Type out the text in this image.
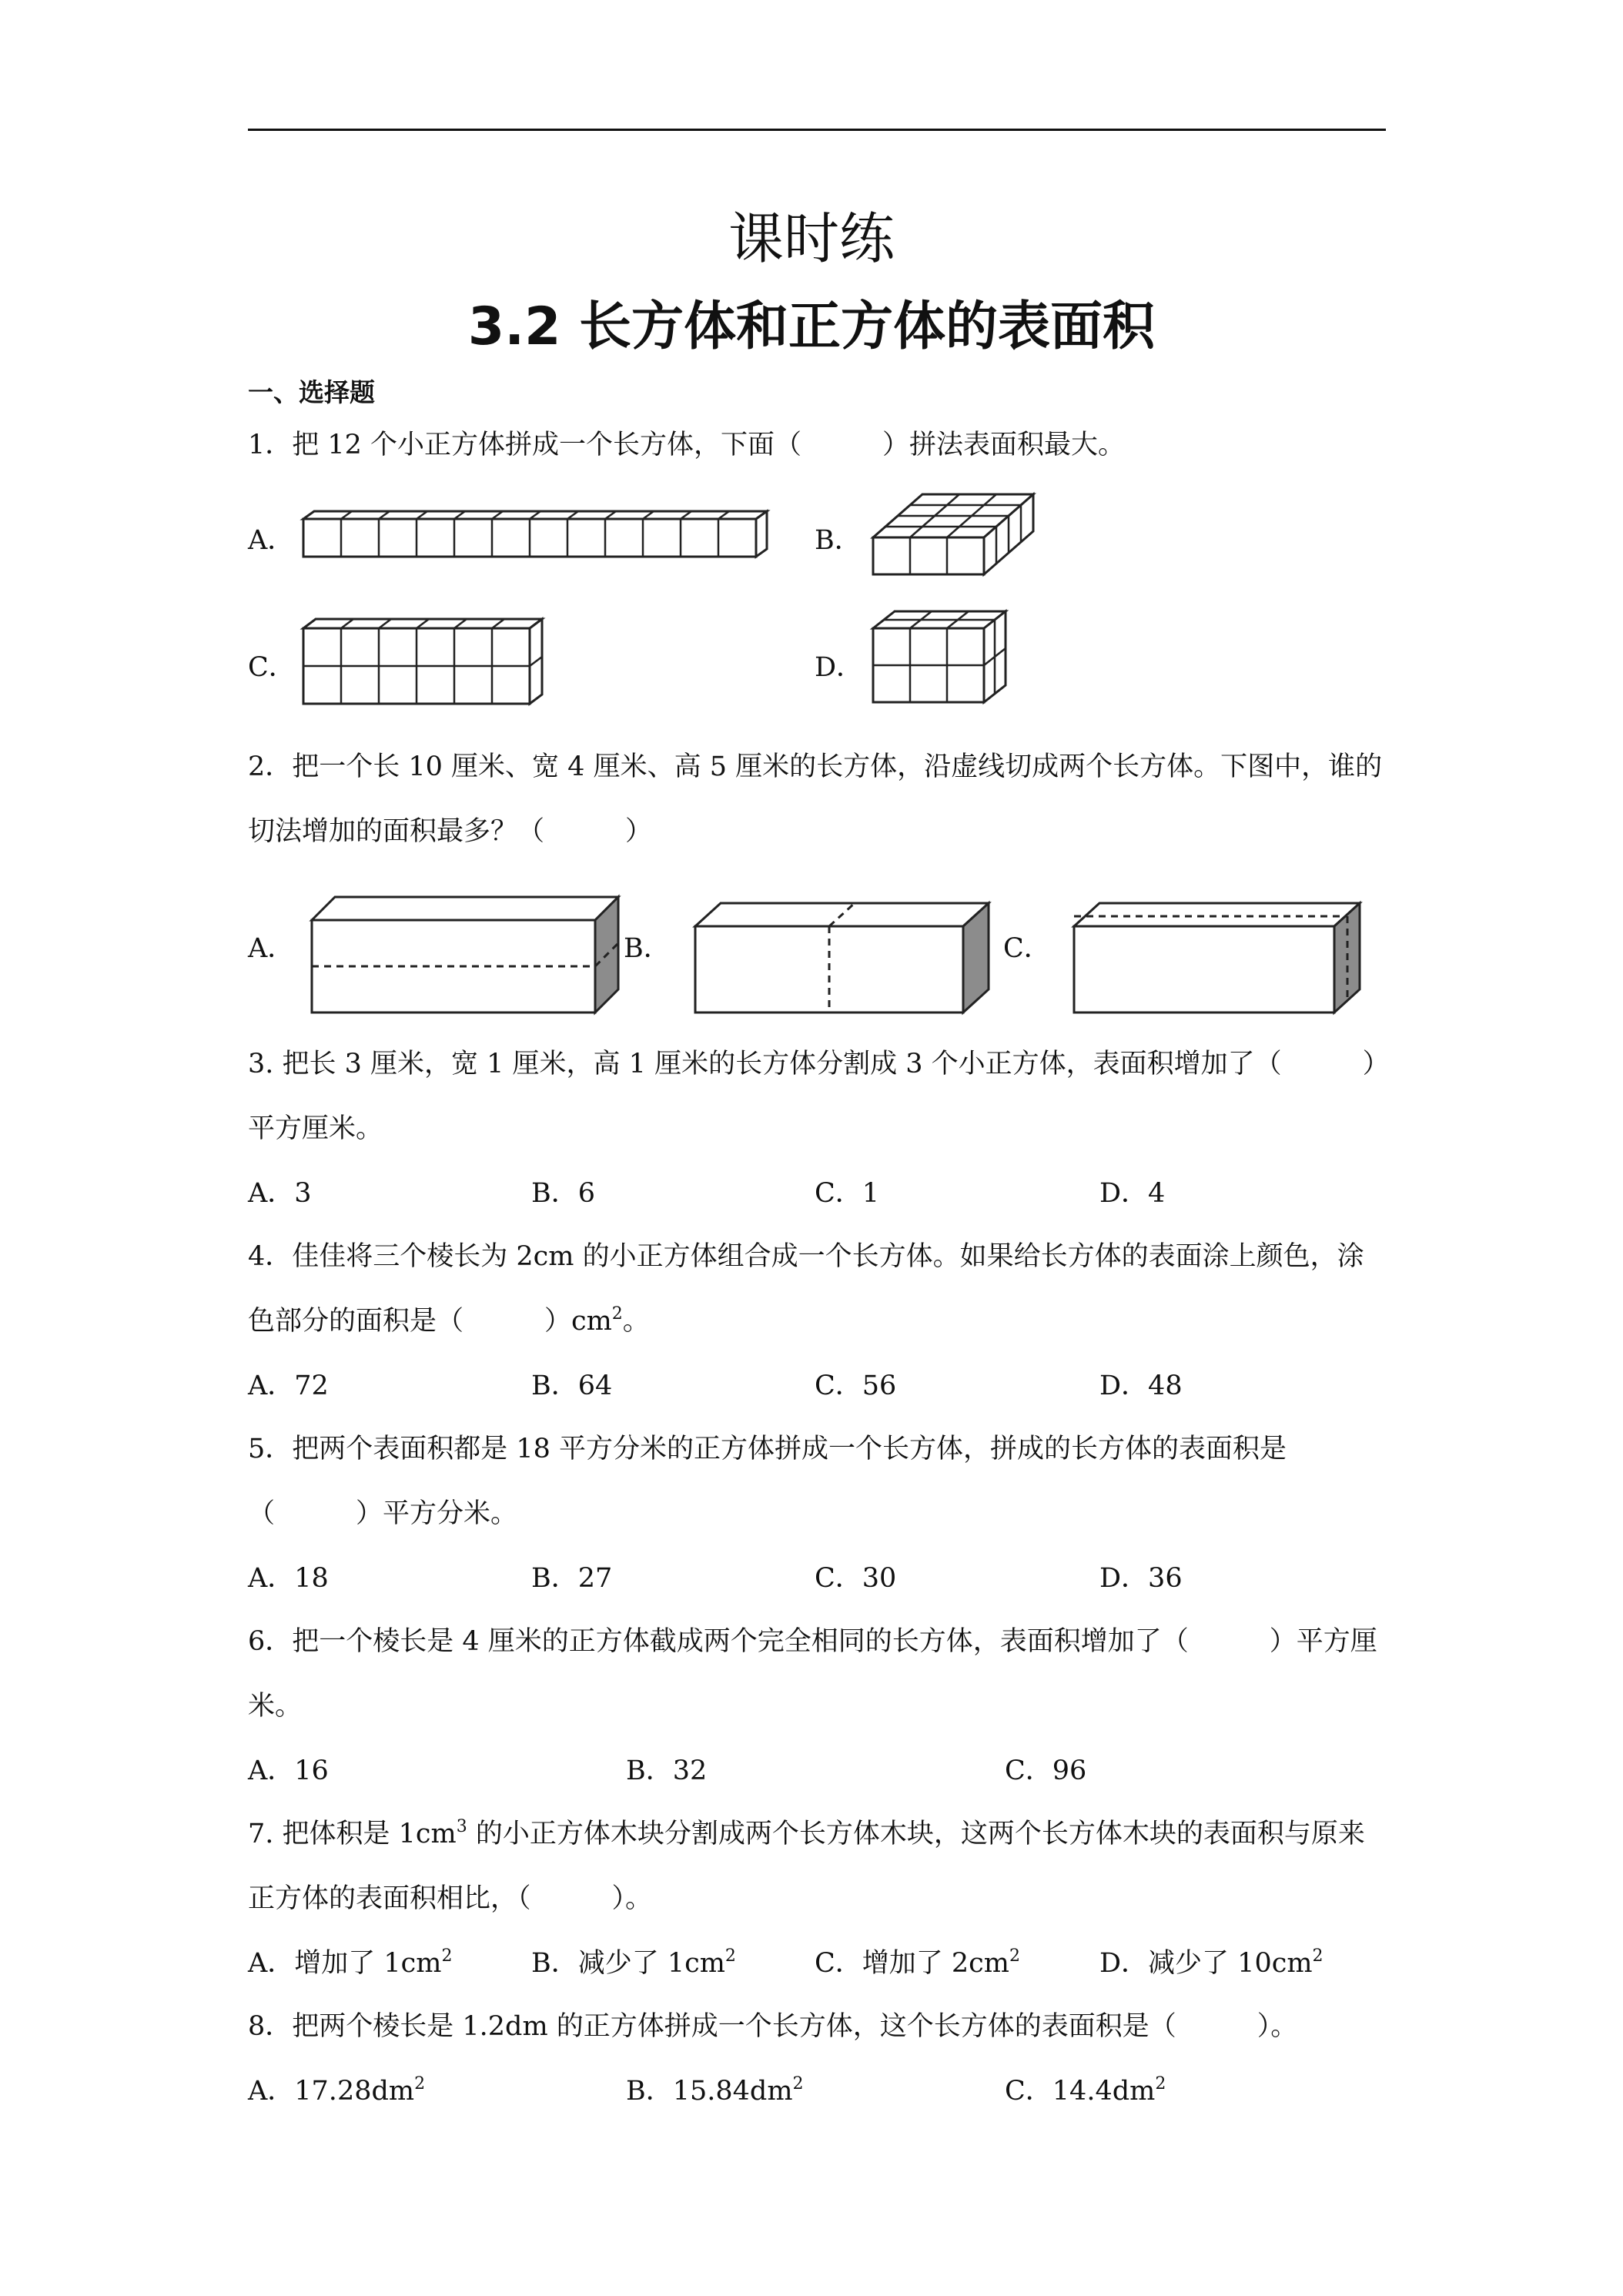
课时练
3.2 长方体和正方体的表面积
一、选择题
1．把 12 个小正方体拼成一个长方体，下面（　　　）拼法表面积最大。
A．	B．
C．	D．
2．把一个长 10 厘米、宽 4 厘米、高 5 厘米的长方体，沿虚线切成两个长方体。下图中，谁的切法增加的面积最多？（　　　）
A．	B．	C．
3. 把长 3 厘米，宽 1 厘米，高 1 厘米的长方体分割成 3 个小正方体，表面积增加了（　　　）平方厘米。
A．3	B．6	C．1	D．4
4．佳佳将三个棱长为 2cm 的小正方体组合成一个长方体。如果给长方体的表面涂上颜色，涂色部分的面积是（　　　）$cm^2$。
A．72	B．64	C．56	D．48
5．把两个表面积都是 18 平方分米的正方体拼成一个长方体，拼成的长方体的表面积是（　　　）平方分米。
A．18	B．27	C．30	D．36
6．把一个棱长是 4 厘米的正方体截成两个完全相同的长方体，表面积增加了（　　　）平方厘米。
A．16	B．32	C．96
7. 把体积是 $1cm^3$ 的小正方体木块分割成两个长方体木块，这两个长方体木块的表面积与原来正方体的表面积相比，（　　　）。
A．增加了 $1cm^2$	B．减少了 $1cm^2$	C．增加了 $2cm^2$	D．减少了 $10cm^2$
8．把两个棱长是 1.2dm 的正方体拼成一个长方体，这个长方体的表面积是（　　　）。
A．$17.28dm^2$	B．$15.84dm^2$	C．$14.4dm^2$
